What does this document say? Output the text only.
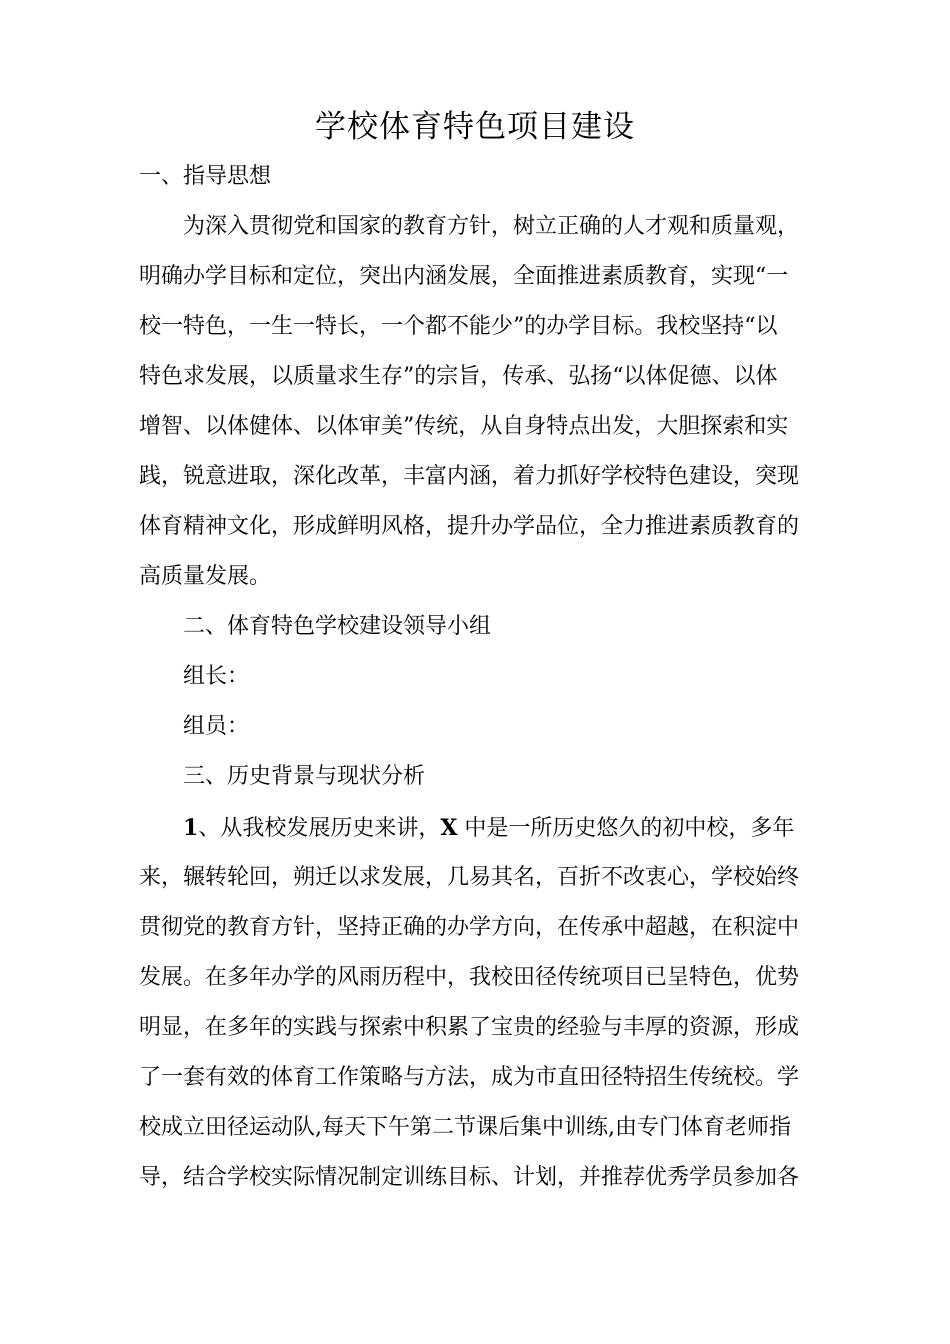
学校体育特色项目建设
一、指导思想
为深入贯彻党和国家的教育方针，树立正确的人才观和质量观，
明确办学目标和定位，突出内涵发展，全面推进素质教育，实现“一
校一特色，一生一特长，一个都不能少”的办学目标。我校坚持“以
特色求发展，以质量求生存”的宗旨，传承、弘扬“以体促德、以体
增智、以体健体、以体审美”传统，从自身特点出发，大胆探索和实
践，锐意进取，深化改革，丰富内涵，着力抓好学校特色建设，突现
体育精神文化，形成鲜明风格，提升办学品位，全力推进素质教育的
高质量发展。
二、体育特色学校建设领导小组
组长：
组员：
三、历史背景与现状分析
1、从我校发展历史来讲，X 中是一所历史悠久的初中校，多年
来，辗转轮回，朔迁以求发展，几易其名，百折不改衷心，学校始终
贯彻党的教育方针，坚持正确的办学方向，在传承中超越，在积淀中
发展。在多年办学的风雨历程中，我校田径传统项目已呈特色，优势
明显，在多年的实践与探索中积累了宝贵的经验与丰厚的资源，形成
了一套有效的体育工作策略与方法，成为市直田径特招生传统校。学
校成立田径运动队,每天下午第二节课后集中训练,由专门体育老师指
导，结合学校实际情况制定训练目标、计划，并推荐优秀学员参加各
